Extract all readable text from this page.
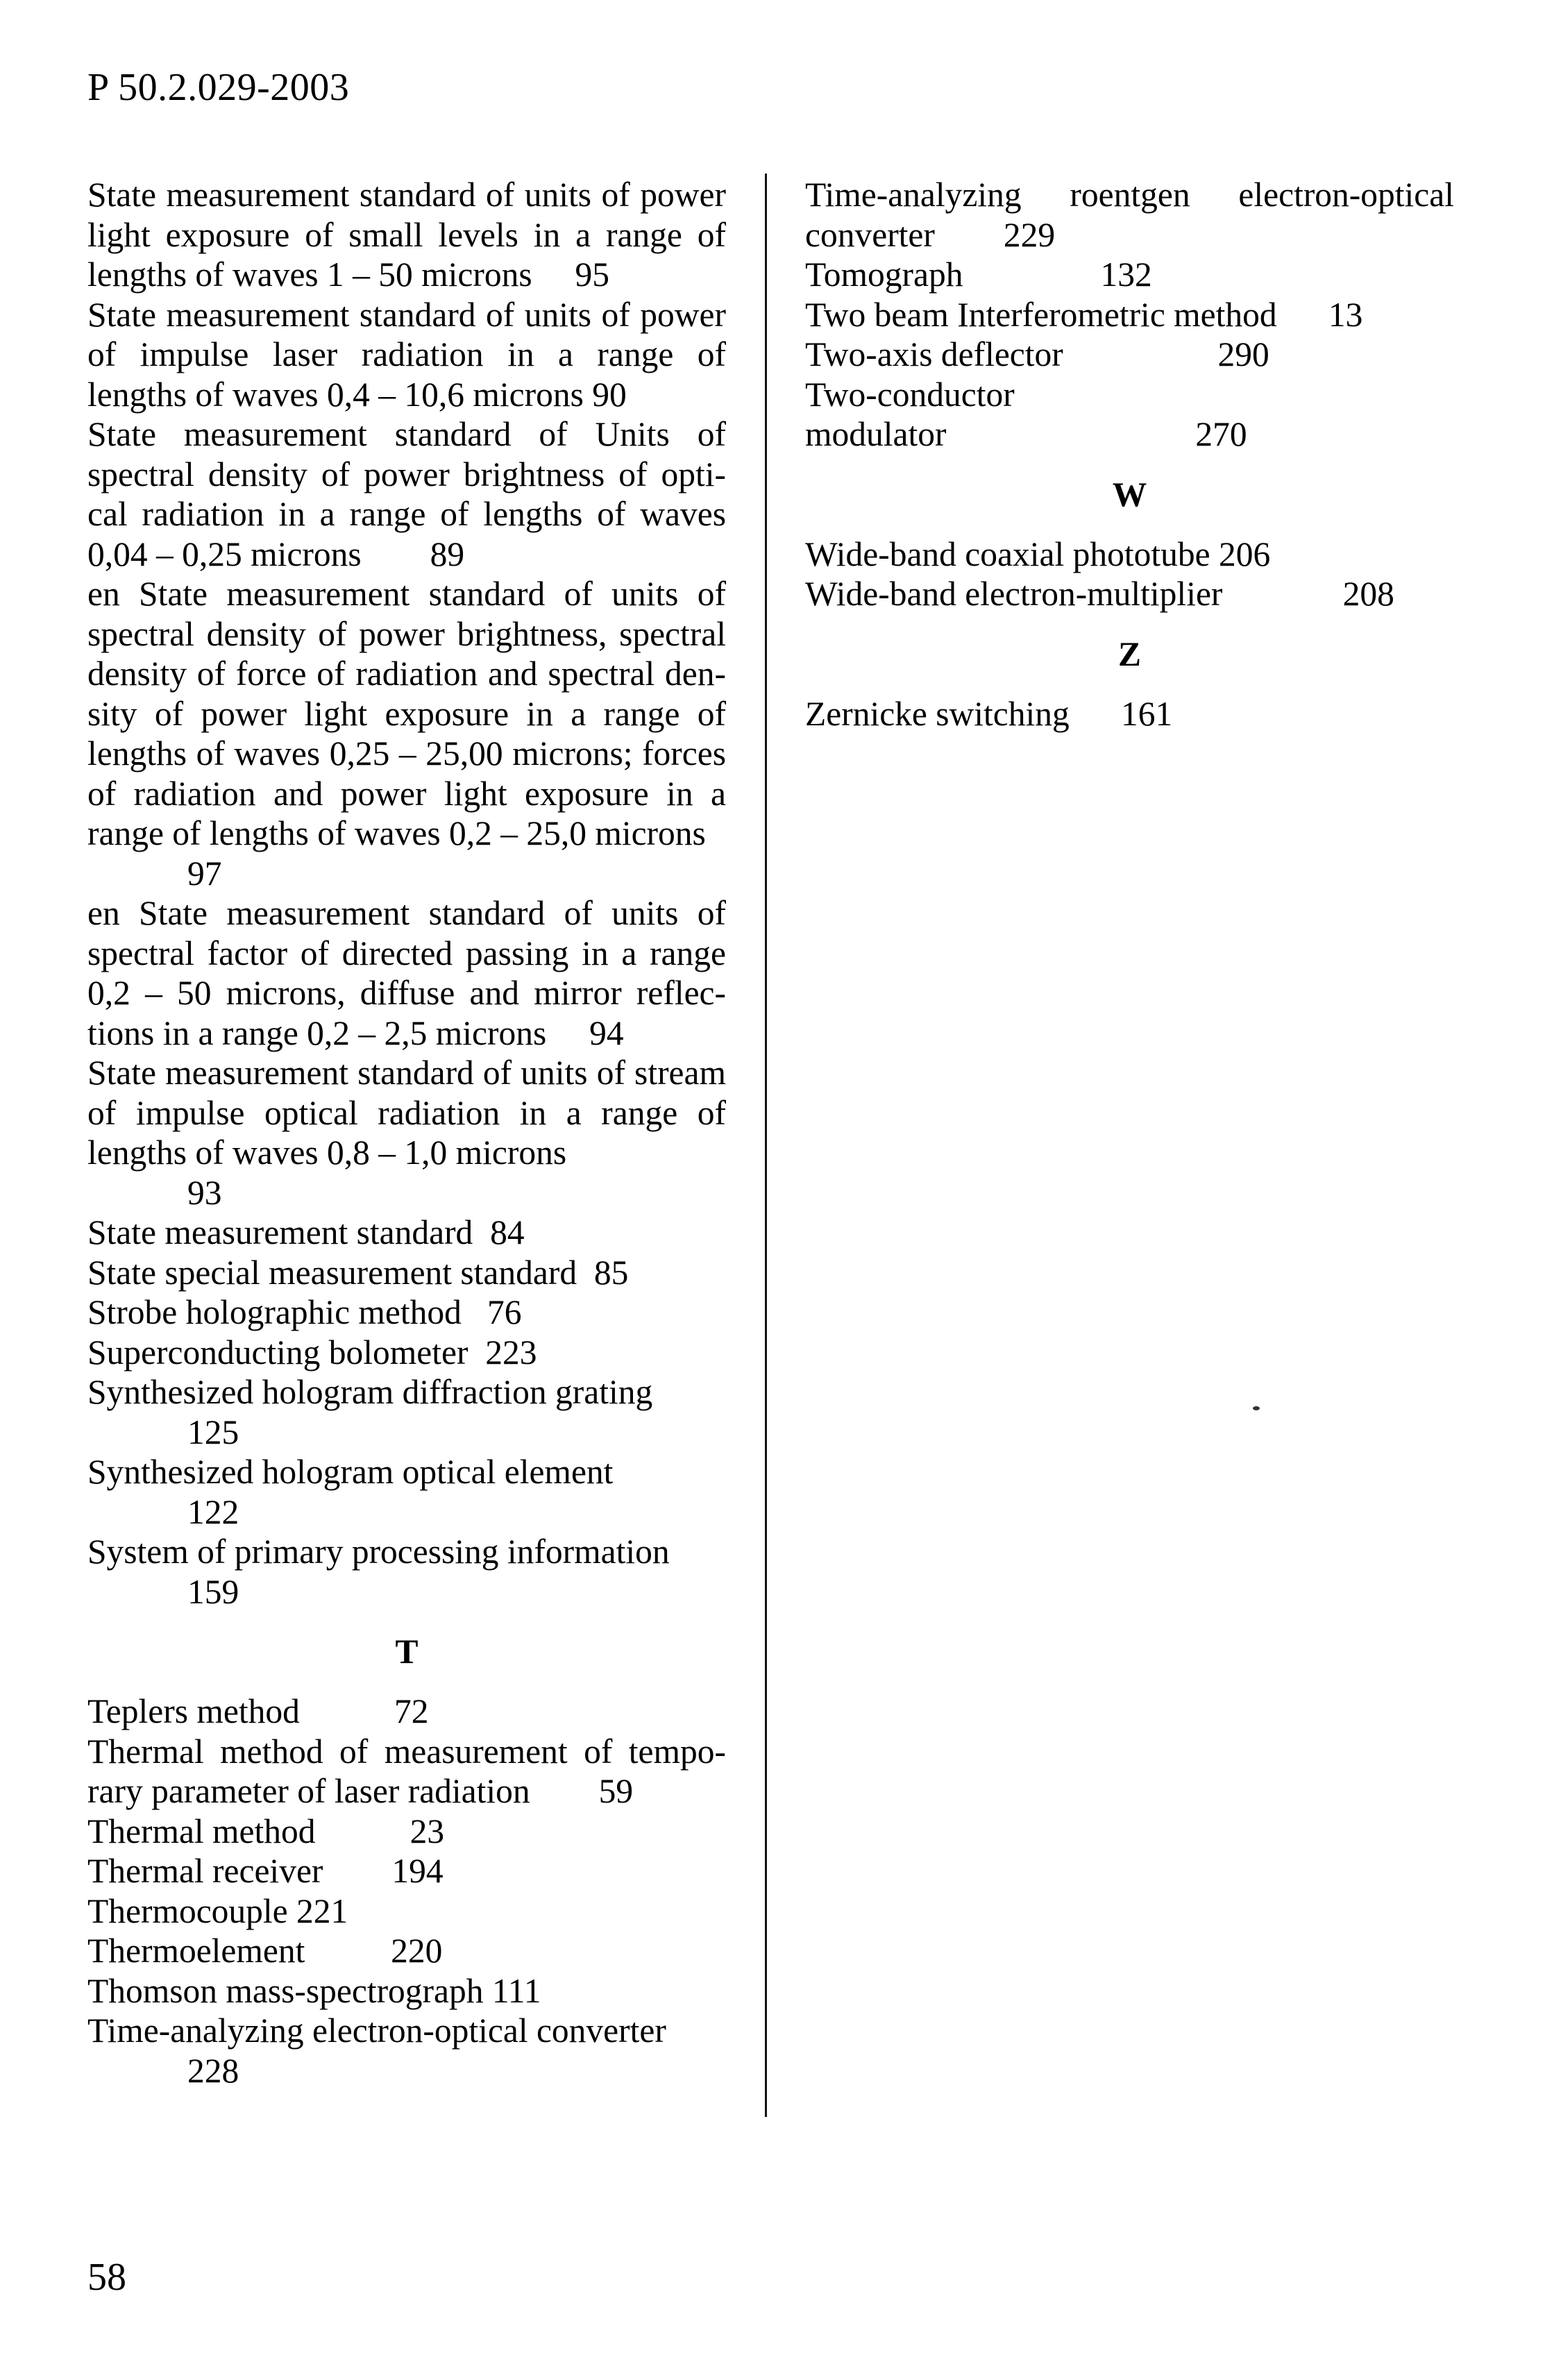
P 50.2.029-2003

State measurement standard of units of power light exposure of small levels in a range of lengths of waves 1 – 50 microns 95

State measurement standard of units of power of impulse laser radiation in a range of lengths of waves 0,4 – 10,6 microns 90

State measurement standard of Units of spectral density of power brightness of opti-cal radiation in a range of lengths of waves 0,04 – 0,25 microns 89

en State measurement standard of units of spectral density of power brightness, spectral density of force of radiation and spectral den-sity of power light exposure in a range of lengths of waves 0,25 – 25,00 microns; forces of radiation and power light exposure in a range of lengths of waves 0,2 – 25,0 microns
97

en State measurement standard of units of spectral factor of directed passing in a range 0,2 – 50 microns, diffuse and mirror reflec-tions in a range 0,2 – 2,5 microns 94

State measurement standard of units of stream of impulse optical radiation in a range of lengths of waves 0,8 – 1,0 microns
93

State measurement standard 84

State special measurement standard 85

Strobe holographic method 76

Superconducting bolometer 223

Synthesized hologram diffraction grating
125

Synthesized hologram optical element
122

System of primary processing information
159

T

Teplers method	72

Thermal method of measurement of tempo-rary parameter of laser radiation 59

Thermal method	23

Thermal receiver 194

Thermocouple 221

Thermoelement	220

Thomson mass-spectrograph 111

Time-analyzing electron-optical converter
228

Time-analyzing roentgen electron-optical converter 229

Tomograph	132

Two beam Interferometric method 13

Two-axis deflector	290

Two-conductor modulator	270

W

Wide-band coaxial phototube 206

Wide-band electron-multiplier	208

Z

Zernicke switching 161

58
